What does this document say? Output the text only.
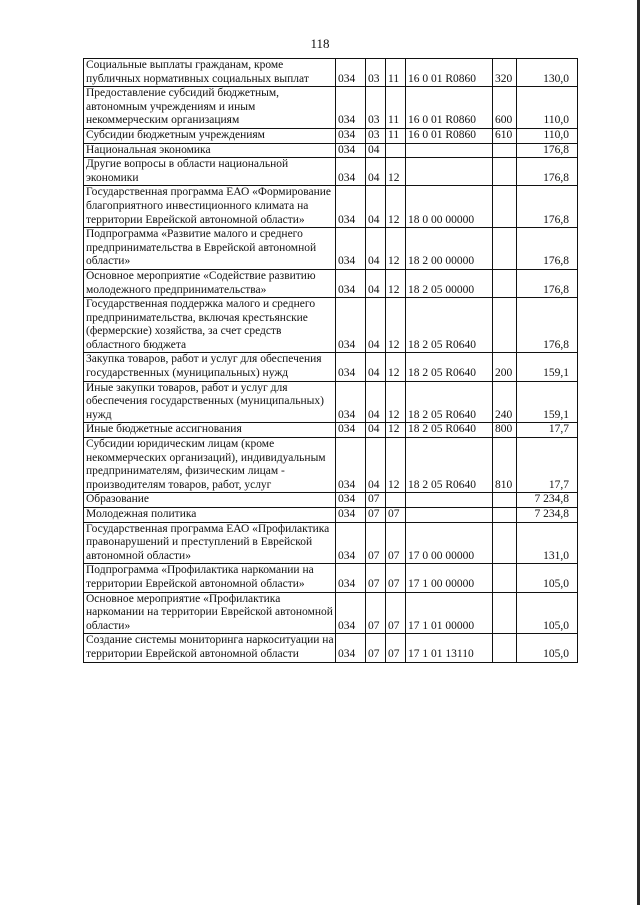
118
Социальные выплаты гражданам, кроме публичных нормативных социальных выплат	034	03	11	16 0 01 R0860	320	130,0
Предоставление субсидий бюджетным, автономным учреждениям и иным некоммерческим организациям	034	03	11	16 0 01 R0860	600	110,0
Субсидии бюджетным учреждениям	034	03	11	16 0 01 R0860	610	110,0
Национальная экономика	034	04				176,8
Другие вопросы в области национальной экономики	034	04	12			176,8
Государственная программа ЕАО «Формирование благоприятного инвестиционного климата на территории Еврейской автономной области»	034	04	12	18 0 00 00000		176,8
Подпрограмма «Развитие малого и среднего предпринимательства в Еврейской автономной области»	034	04	12	18 2 00 00000		176,8
Основное мероприятие «Содействие развитию молодежного предпринимательства»	034	04	12	18 2 05 00000		176,8
Государственная поддержка малого и среднего предпринимательства, включая крестьянские (фермерские) хозяйства, за счет средств областного бюджета	034	04	12	18 2 05 R0640		176,8
Закупка товаров, работ и услуг для обеспечения государственных (муниципальных) нужд	034	04	12	18 2 05 R0640	200	159,1
Иные закупки товаров, работ и услуг для обеспечения государственных (муниципальных) нужд	034	04	12	18 2 05 R0640	240	159,1
Иные бюджетные ассигнования	034	04	12	18 2 05 R0640	800	17,7
Субсидии юридическим лицам (кроме некоммерческих организаций), индивидуальным предпринимателям, физическим лицам - производителям товаров, работ, услуг	034	04	12	18 2 05 R0640	810	17,7
Образование	034	07				7 234,8
Молодежная политика	034	07	07			7 234,8
Государственная программа ЕАО «Профилактика правонарушений и преступлений в Еврейской автономной области»	034	07	07	17 0 00 00000		131,0
Подпрограмма «Профилактика наркомании на территории Еврейской автономной области»	034	07	07	17 1 00 00000		105,0
Основное мероприятие «Профилактика наркомании на территории Еврейской автономной области»	034	07	07	17 1 01 00000		105,0
Создание системы мониторинга наркоситуации на территории Еврейской автономной области	034	07	07	17 1 01 13110		105,0
